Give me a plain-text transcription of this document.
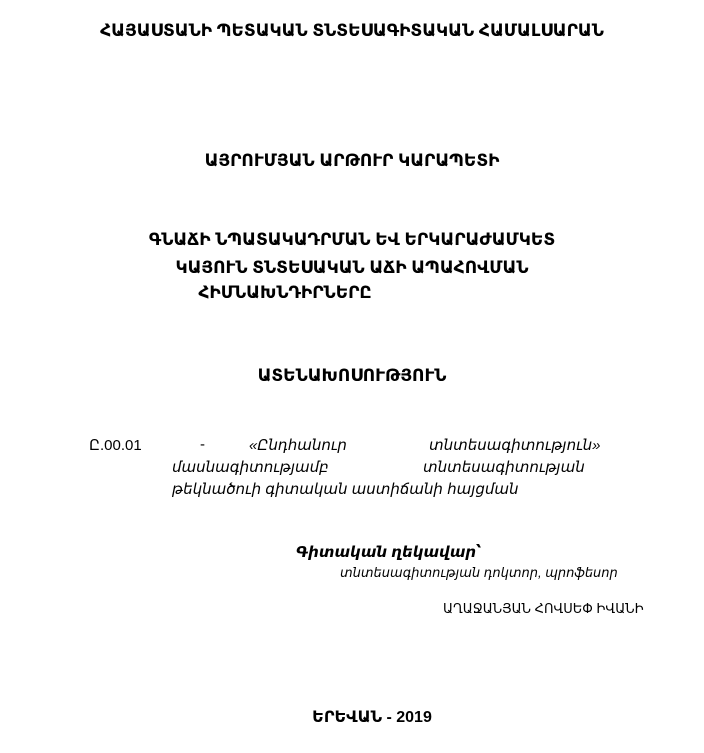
ՀԱՅԱՍՏԱՆԻ ՊԵՏԱԿԱՆ ՏՆՏԵՍԱԳԻՏԱԿԱՆ ՀԱՄԱԼՍԱՐԱՆ
ԱՅՐՈՒՄՅԱՆ ԱՐԹՈՒՐ ԿԱՐԱՊԵՏԻ
ԳՆԱՃԻ ՆՊԱՏԱԿԱԴՐՄԱՆ ԵՎ ԵՐԿԱՐԱԺԱՄԿԵՏ
ԿԱՅՈՒՆ ՏՆՏԵՍԱԿԱՆ ԱՃԻ ԱՊԱՀՈՎՄԱՆ
ՀԻՄՆԱԽՆԴԻՐՆԵՐԸ
ԱՏԵՆԱԽՈՍՈՒԹՅՈՒՆ
Ը.00.01	-	«Ընդհանուր	տնտեսագիտություն»
մասնագիտությամբ	տնտեսագիտության
թեկնածուի գիտական աստիճանի հայցման
Գիտական ղեկավար՝
տնտեսագիտության դոկտոր, պրոֆեսոր
ԱՂԱՋԱՆՅԱՆ ՀՈՎՍԵՓ ԻՎԱՆԻ
ԵՐԵՎԱՆ - 2019
